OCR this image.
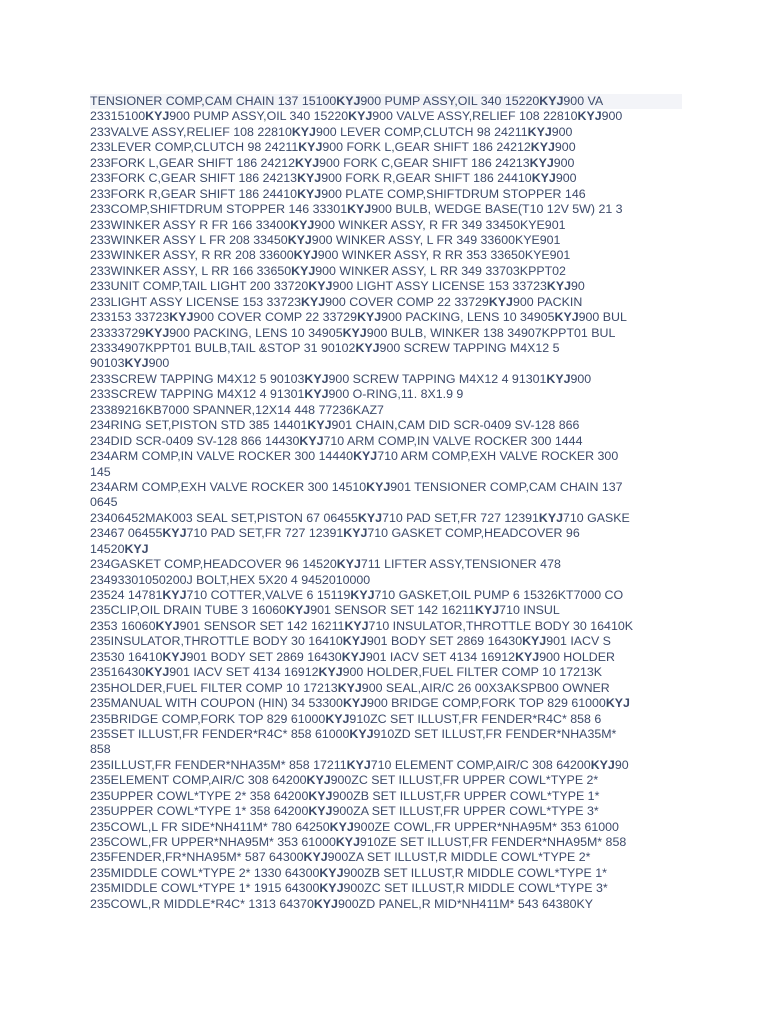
TENSIONER COMP,CAM CHAIN 137 15100KYJ900 PUMP ASSY,OIL 340 15220KYJ900 VA
23315100KYJ900 PUMP ASSY,OIL 340 15220KYJ900 VALVE ASSY,RELIEF 108 22810KYJ900
233VALVE ASSY,RELIEF 108 22810KYJ900 LEVER COMP,CLUTCH 98 24211KYJ900
233LEVER COMP,CLUTCH 98 24211KYJ900 FORK L,GEAR SHIFT 186 24212KYJ900
233FORK L,GEAR SHIFT 186 24212KYJ900 FORK C,GEAR SHIFT 186 24213KYJ900
233FORK C,GEAR SHIFT 186 24213KYJ900 FORK R,GEAR SHIFT 186 24410KYJ900
233FORK R,GEAR SHIFT 186 24410KYJ900 PLATE COMP,SHIFTDRUM STOPPER 146
233COMP,SHIFTDRUM STOPPER 146 33301KYJ900 BULB, WEDGE BASE(T10 12V 5W) 21 3
233WINKER ASSY R FR 166 33400KYJ900 WINKER ASSY, R FR 349 33450KYE901
233WINKER ASSY L FR 208 33450KYJ900 WINKER ASSY, L FR 349 33600KYE901
233WINKER ASSY, R RR 208 33600KYJ900 WINKER ASSY, R RR 353 33650KYE901
233WINKER ASSY, L RR 166 33650KYJ900 WINKER ASSY, L RR 349 33703KPPT02
233UNIT COMP,TAIL LIGHT 200 33720KYJ900 LIGHT ASSY LICENSE 153 33723KYJ90
233LIGHT ASSY LICENSE 153 33723KYJ900 COVER COMP 22 33729KYJ900 PACKIN
233153 33723KYJ900 COVER COMP 22 33729KYJ900 PACKING, LENS 10 34905KYJ900 BUL
23333729KYJ900 PACKING, LENS 10 34905KYJ900 BULB, WINKER 138 34907KPPT01 BUL
23334907KPPT01 BULB,TAIL &STOP 31 90102KYJ900 SCREW TAPPING M4X12 5
90103KYJ900
233SCREW TAPPING M4X12 5 90103KYJ900 SCREW TAPPING M4X12 4 91301KYJ900
233SCREW TAPPING M4X12 4 91301KYJ900 O-RING,11. 8X1.9 9
23389216KB7000 SPANNER,12X14 448 77236KAZ7
234RING SET,PISTON STD 385 14401KYJ901 CHAIN,CAM DID SCR-0409 SV-128 866
234DID SCR-0409 SV-128 866 14430KYJ710 ARM COMP,IN VALVE ROCKER 300 1444
234ARM COMP,IN VALVE ROCKER 300 14440KYJ710 ARM COMP,EXH VALVE ROCKER 300
145
234ARM COMP,EXH VALVE ROCKER 300 14510KYJ901 TENSIONER COMP,CAM CHAIN 137
0645
23406452MAK003 SEAL SET,PISTON 67 06455KYJ710 PAD SET,FR 727 12391KYJ710 GASKE
23467 06455KYJ710 PAD SET,FR 727 12391KYJ710 GASKET COMP,HEADCOVER 96
14520KYJ
234GASKET COMP,HEADCOVER 96 14520KYJ711 LIFTER ASSY,TENSIONER 478
23493301050200J BOLT,HEX 5X20 4 9452010000
23524 14781KYJ710 COTTER,VALVE 6 15119KYJ710 GASKET,OIL PUMP 6 15326KT7000 CO
235CLIP,OIL DRAIN TUBE 3 16060KYJ901 SENSOR SET 142 16211KYJ710 INSUL
2353 16060KYJ901 SENSOR SET 142 16211KYJ710 INSULATOR,THROTTLE BODY 30 16410K
235INSULATOR,THROTTLE BODY 30 16410KYJ901 BODY SET 2869 16430KYJ901 IACV S
23530 16410KYJ901 BODY SET 2869 16430KYJ901 IACV SET 4134 16912KYJ900 HOLDER
23516430KYJ901 IACV SET 4134 16912KYJ900 HOLDER,FUEL FILTER COMP 10 17213K
235HOLDER,FUEL FILTER COMP 10 17213KYJ900 SEAL,AIR/C 26 00X3AKSPB00 OWNER
235MANUAL WITH COUPON (HIN) 34 53300KYJ900 BRIDGE COMP,FORK TOP 829 61000KYJ
235BRIDGE COMP,FORK TOP 829 61000KYJ910ZC SET ILLUST,FR FENDER*R4C* 858 6
235SET ILLUST,FR FENDER*R4C* 858 61000KYJ910ZD SET ILLUST,FR FENDER*NHA35M*
858
235ILLUST,FR FENDER*NHA35M* 858 17211KYJ710 ELEMENT COMP,AIR/C 308 64200KYJ90
235ELEMENT COMP,AIR/C 308 64200KYJ900ZC SET ILLUST,FR UPPER COWL*TYPE 2*
235UPPER COWL*TYPE 2* 358 64200KYJ900ZB SET ILLUST,FR UPPER COWL*TYPE 1*
235UPPER COWL*TYPE 1* 358 64200KYJ900ZA SET ILLUST,FR UPPER COWL*TYPE 3*
235COWL,L FR SIDE*NH411M* 780 64250KYJ900ZE COWL,FR UPPER*NHA95M* 353 61000
235COWL,FR UPPER*NHA95M* 353 61000KYJ910ZE SET ILLUST,FR FENDER*NHA95M* 858
235FENDER,FR*NHA95M* 587 64300KYJ900ZA SET ILLUST,R MIDDLE COWL*TYPE 2*
235MIDDLE COWL*TYPE 2* 1330 64300KYJ900ZB SET ILLUST,R MIDDLE COWL*TYPE 1*
235MIDDLE COWL*TYPE 1* 1915 64300KYJ900ZC SET ILLUST,R MIDDLE COWL*TYPE 3*
235COWL,R MIDDLE*R4C* 1313 64370KYJ900ZD PANEL,R MID*NH411M* 543 64380KY
